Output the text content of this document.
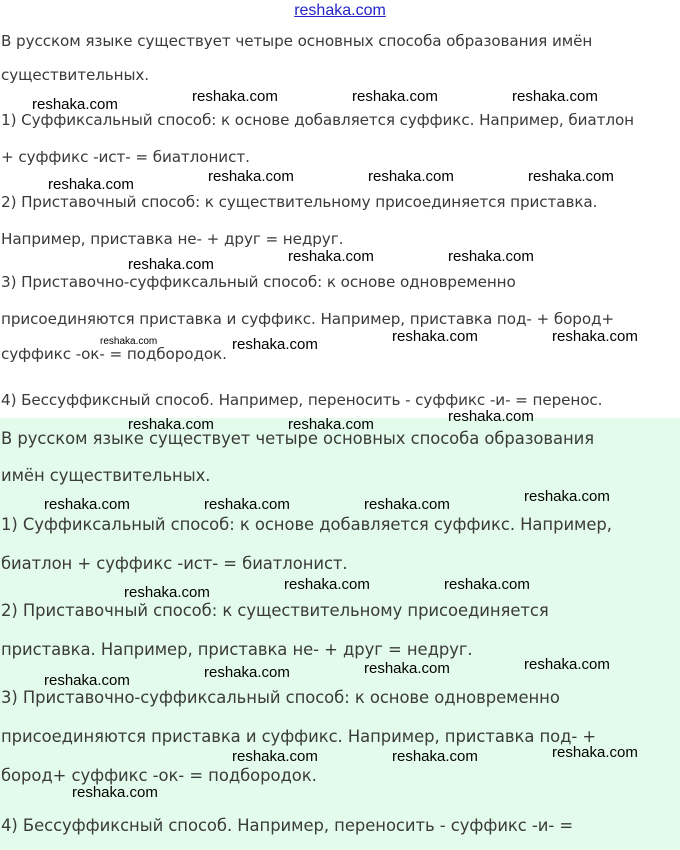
reshaka.com
В русском языке существует четыре основных способа образования имён
существительных.
1) Суффиксальный способ: к основе добавляется суффикс. Например, биатлон
+ суффикс -ист- = биатлонист.
2) Приставочный способ: к существительному присоединяется приставка.
Например, приставка не- + друг = недруг.
3) Приставочно-суффиксальный способ: к основе одновременно
присоединяются приставка и суффикс. Например, приставка под- + бород+
суффикс -ок- = подбородок.
4) Бессуффиксный способ. Например, переносить - суффикс -и- = перенос.
В русском языке существует четыре основных способа образования
имён существительных.
1) Суффиксальный способ: к основе добавляется суффикс. Например,
биатлон + суффикс -ист- = биатлонист.
2) Приставочный способ: к существительному присоединяется
приставка. Например, приставка не- + друг = недруг.
3) Приставочно-суффиксальный способ: к основе одновременно
присоединяются приставка и суффикс. Например, приставка под- +
бород+ суффикс -ок- = подбородок.
4) Бессуффиксный способ. Например, переносить - суффикс -и- =
reshaka.com	reshaka.com	reshaka.com	reshaka.com
reshaka.com	reshaka.com	reshaka.com	reshaka.com
reshaka.com	reshaka.com	reshaka.com
reshaka.com	reshaka.com	reshaka.com	reshaka.com
reshaka.com	reshaka.com	reshaka.com
reshaka.com	reshaka.com	reshaka.com	reshaka.com
reshaka.com	reshaka.com	reshaka.com
reshaka.com	reshaka.com	reshaka.com	reshaka.com
reshaka.com	reshaka.com	reshaka.com
reshaka.com
